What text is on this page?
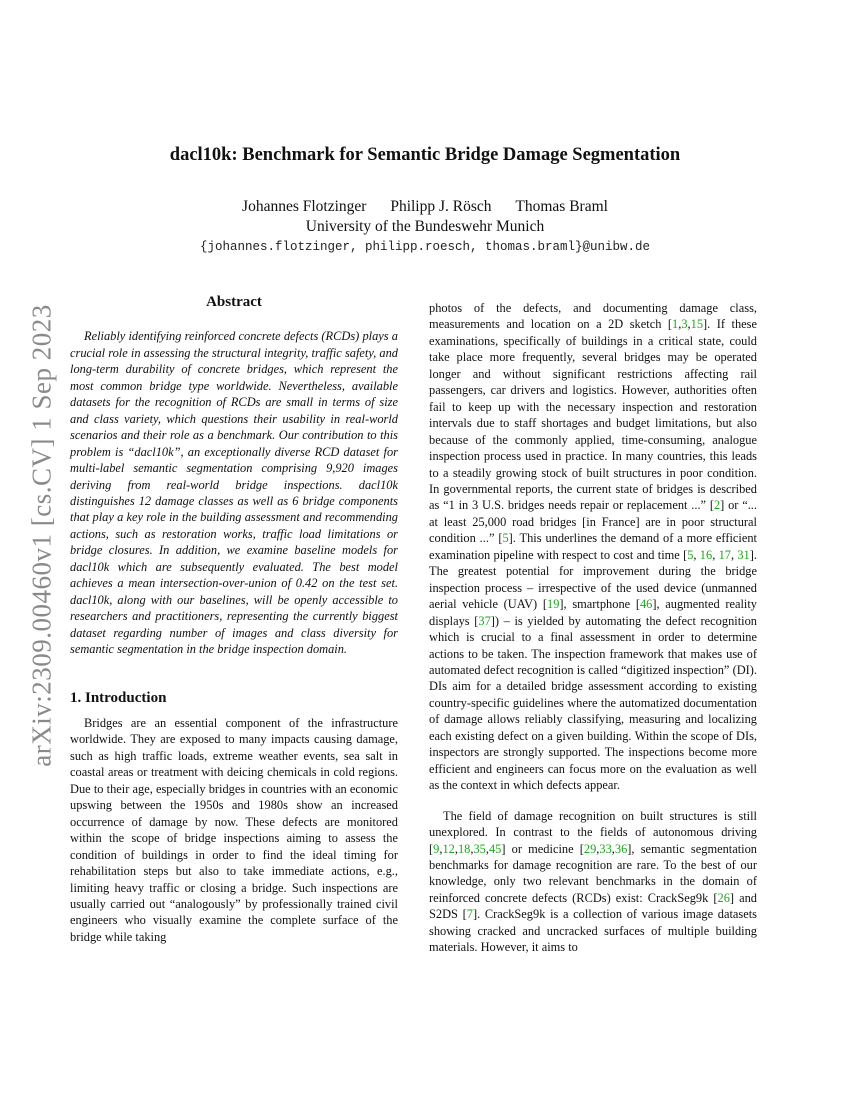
arXiv:2309.00460v1 [cs.CV] 1 Sep 2023
dacl10k: Benchmark for Semantic Bridge Damage Segmentation

Johannes Flotzinger Philipp J. Rösch Thomas Braml

University of the Bundeswehr Munich

{johannes.flotzinger, philipp.roesch, thomas.braml}@unibw.de

Abstract

Reliably identifying reinforced concrete defects (RCDs) plays a crucial role in assessing the structural integrity, traffic safety, and long-term durability of concrete bridges, which represent the most common bridge type worldwide. Nevertheless, available datasets for the recognition of RCDs are small in terms of size and class variety, which questions their usability in real-world scenarios and their role as a benchmark. Our contribution to this problem is “dacl10k”, an exceptionally diverse RCD dataset for multi-label semantic segmentation comprising 9,920 images deriving from real-world bridge inspections. dacl10k distinguishes 12 damage classes as well as 6 bridge components that play a key role in the building assessment and recommending actions, such as restoration works, traffic load limitations or bridge closures. In addition, we examine baseline models for dacl10k which are subsequently evaluated. The best model achieves a mean intersection-over-union of 0.42 on the test set. dacl10k, along with our baselines, will be openly accessible to researchers and practitioners, representing the currently biggest dataset regarding number of images and class diversity for semantic segmentation in the bridge inspection domain.

1. Introduction

Bridges are an essential component of the infrastructure worldwide. They are exposed to many impacts causing damage, such as high traffic loads, extreme weather events, sea salt in coastal areas or treatment with deicing chemicals in cold regions. Due to their age, especially bridges in countries with an economic upswing between the 1950s and 1980s show an increased occurrence of damage by now. These defects are monitored within the scope of bridge inspections aiming to assess the condition of buildings in order to find the ideal timing for rehabilitation steps but also to take immediate actions, e.g., limiting heavy traffic or closing a bridge. Such inspections are usually carried out “analogously” by professionally trained civil engineers who visually examine the complete surface of the bridge while taking

photos of the defects, and documenting damage class, measurements and location on a 2D sketch [1,3,15]. If these examinations, specifically of buildings in a critical state, could take place more frequently, several bridges may be operated longer and without significant restrictions affecting rail passengers, car drivers and logistics. However, authorities often fail to keep up with the necessary inspection and restoration intervals due to staff shortages and budget limitations, but also because of the commonly applied, time-consuming, analogue inspection process used in practice. In many countries, this leads to a steadily growing stock of built structures in poor condition. In governmental reports, the current state of bridges is described as “1 in 3 U.S. bridges needs repair or replacement ...” [2] or “... at least 25,000 road bridges [in France] are in poor structural condition ...” [5]. This underlines the demand of a more efficient examination pipeline with respect to cost and time [5, 16, 17, 31]. The greatest potential for improvement during the bridge inspection process – irrespective of the used device (unmanned aerial vehicle (UAV) [19], smartphone [46], augmented reality displays [37]) – is yielded by automating the defect recognition which is crucial to a final assessment in order to determine actions to be taken. The inspection framework that makes use of automated defect recognition is called “digitized inspection” (DI). DIs aim for a detailed bridge assessment according to existing country-specific guidelines where the automatized documentation of damage allows reliably classifying, measuring and localizing each existing defect on a given building. Within the scope of DIs, inspectors are strongly supported. The inspections become more efficient and engineers can focus more on the evaluation as well as the context in which defects appear.

The field of damage recognition on built structures is still unexplored. In contrast to the fields of autonomous driving [9,12,18,35,45] or medicine [29,33,36], semantic segmentation benchmarks for damage recognition are rare. To the best of our knowledge, only two relevant benchmarks in the domain of reinforced concrete defects (RCDs) exist: CrackSeg9k [26] and S2DS [7]. CrackSeg9k is a collection of various image datasets showing cracked and uncracked surfaces of multiple building materials. However, it aims to
